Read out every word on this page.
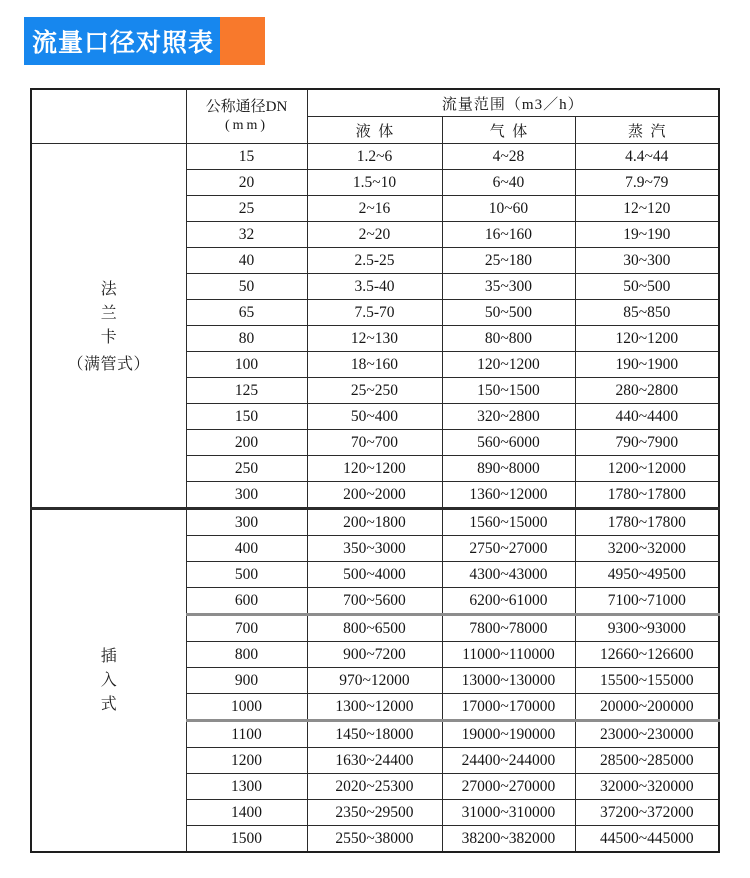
流量口径对照表

	公称通径DN
(mm)	流量范围（m3／h）		
		液体	气体	蒸汽

法
兰
卡
（满管式）	15	1.2~6	4~28	4.4~44
	20	1.5~10	6~40	7.9~79
	25	2~16	10~60	12~120
	32	2~20	16~160	19~190
	40	2.5-25	25~180	30~300
	50	3.5-40	35~300	50~500
	65	7.5-70	50~500	85~850
	80	12~130	80~800	120~1200
	100	18~160	120~1200	190~1900
	125	25~250	150~1500	280~2800
	150	50~400	320~2800	440~4400
	200	70~700	560~6000	790~7900
	250	120~1200	890~8000	1200~12000
	300	200~2000	1360~12000	1780~17800

插
入
式	300	200~1800	1560~15000	1780~17800
	400	350~3000	2750~27000	3200~32000
	500	500~4000	4300~43000	4950~49500
	600	700~5600	6200~61000	7100~71000
	700	800~6500	7800~78000	9300~93000
	800	900~7200	11000~110000	12660~126600
	900	970~12000	13000~130000	15500~155000
	1000	1300~12000	17000~170000	20000~200000
	1100	1450~18000	19000~190000	23000~230000
	1200	1630~24400	24400~244000	28500~285000
	1300	2020~25300	27000~270000	32000~320000
	1400	2350~29500	31000~310000	37200~372000
	1500	2550~38000	38200~382000	44500~445000
